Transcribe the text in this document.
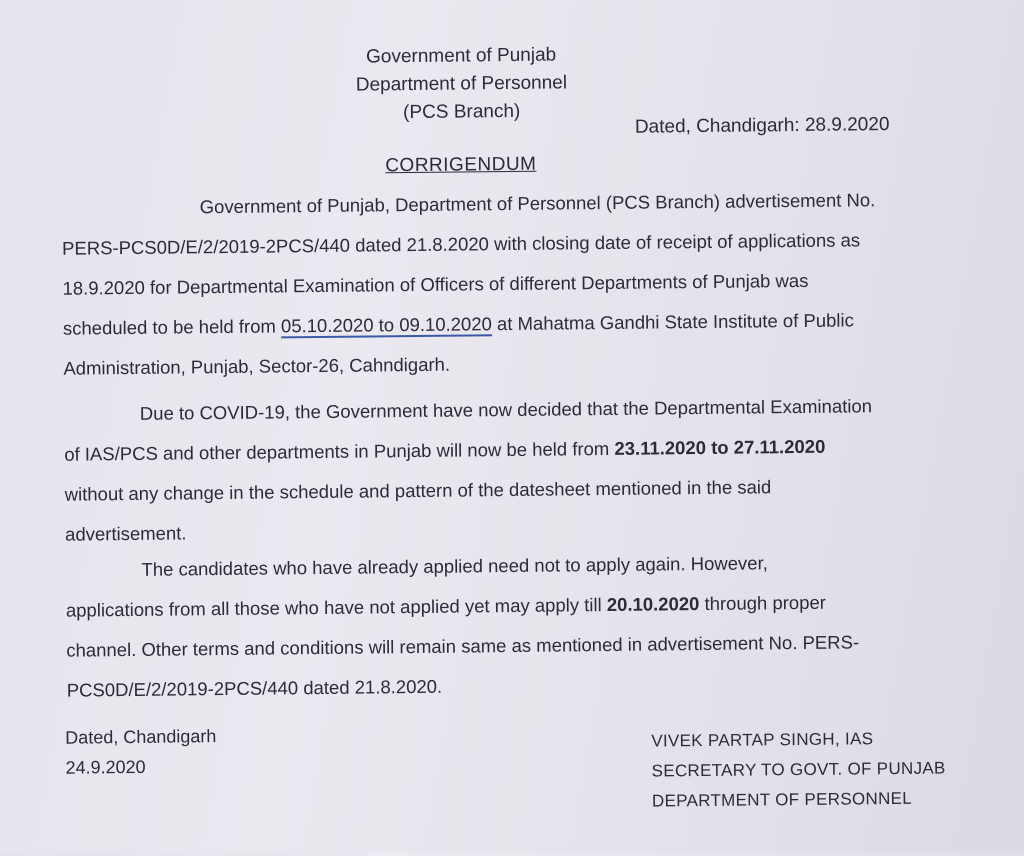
Government of Punjab
Department of Personnel
(PCS Branch)
Dated, Chandigarh: 28.9.2020
CORRIGENDUM
Government of Punjab, Department of Personnel (PCS Branch) advertisement No.
PERS-PCS0D/E/2/2019-2PCS/440 dated 21.8.2020 with closing date of receipt of applications as
18.9.2020 for Departmental Examination of Officers of different Departments of Punjab was
scheduled to be held from 05.10.2020 to 09.10.2020 at Mahatma Gandhi State Institute of Public
Administration, Punjab, Sector-26, Cahndigarh.
Due to COVID-19, the Government have now decided that the Departmental Examination
of IAS/PCS and other departments in Punjab will now be held from 23.11.2020 to 27.11.2020
without any change in the schedule and pattern of the datesheet mentioned in the said
advertisement.
The candidates who have already applied need not to apply again. However,
applications from all those who have not applied yet may apply till 20.10.2020 through proper
channel. Other terms and conditions will remain same as mentioned in advertisement No. PERS-
PCS0D/E/2/2019-2PCS/440 dated 21.8.2020.
Dated, Chandigarh
24.9.2020
VIVEK PARTAP SINGH, IAS
SECRETARY TO GOVT. OF PUNJAB
DEPARTMENT OF PERSONNEL
